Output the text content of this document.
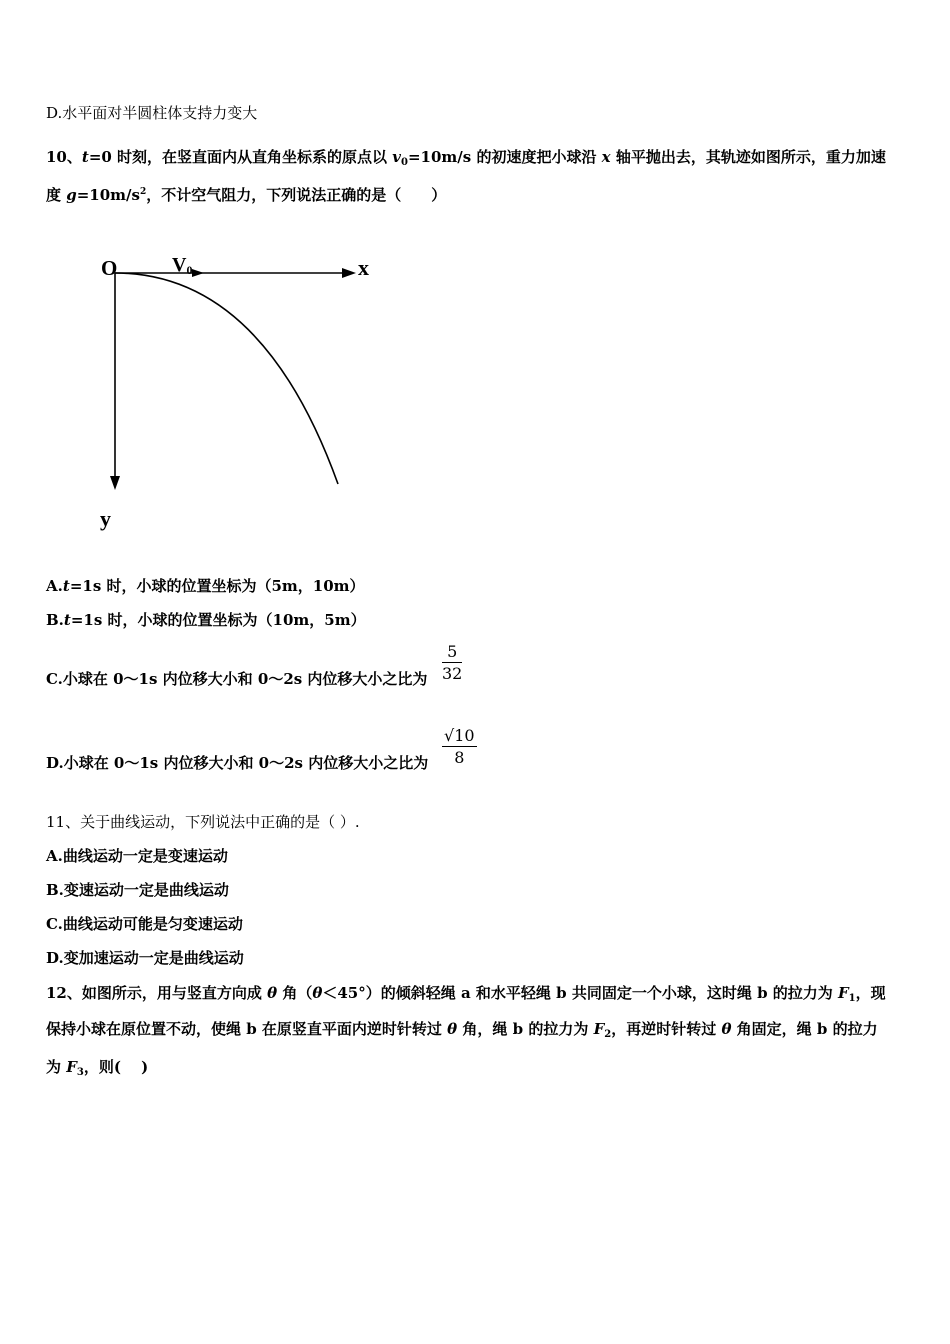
D.水平面对半圆柱体支持力变大
10、t=0 时刻，在竖直面内从直角坐标系的原点以 $v_0=10m/s$ 的初速度把小球沿 x 轴平抛出去，其轨迹如图所示，重力加速
度 $g=10m/s^2$，不计空气阻力，下列说法正确的是（　　）
O	V0	x
y
A.t=1s 时，小球的位置坐标为（5m，10m）
B.t=1s 时，小球的位置坐标为（10m，5m）
C.小球在 0～1s 内位移大小和 0～2s 内位移大小之比为 $\frac{5}{32}$
D.小球在 0～1s 内位移大小和 0～2s 内位移大小之比为 $\frac{√10}{8}$
11、关于曲线运动，下列说法中正确的是（ ）.
A.曲线运动一定是变速运动
B.变速运动一定是曲线运动
C.曲线运动可能是匀变速运动
D.变加速运动一定是曲线运动
12、如图所示，用与竖直方向成 θ 角（θ＜45°）的倾斜轻绳 a 和水平轻绳 b 共同固定一个小球，这时绳 b 的拉力为 $F_1$，现
保持小球在原位置不动，使绳 b 在原竖直平面内逆时针转过 θ 角，绳 b 的拉力为 $F_2$，再逆时针转过 θ 角固定，绳 b 的拉力
为 $F_3$，则(　 )
